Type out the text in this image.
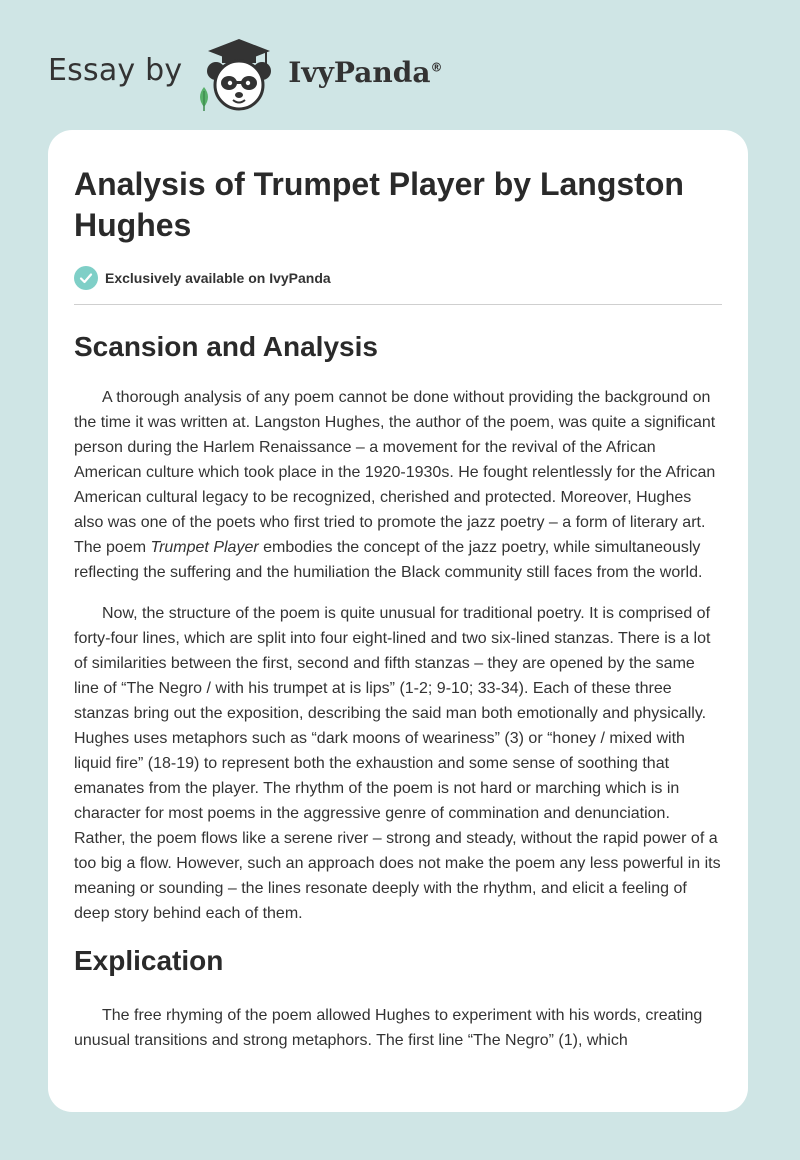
Essay by	IvyPanda®
Analysis of Trumpet Player by Langston Hughes
Exclusively available on IvyPanda
Scansion and Analysis

A thorough analysis of any poem cannot be done without providing the background on the time it was written at. Langston Hughes, the author of the poem, was quite a significant person during the Harlem Renaissance – a movement for the revival of the African American culture which took place in the 1920-1930s. He fought relentlessly for the African American cultural legacy to be recognized, cherished and protected. Moreover, Hughes also was one of the poets who first tried to promote the jazz poetry – a form of literary art. The poem Trumpet Player embodies the concept of the jazz poetry, while simultaneously reflecting the suffering and the humiliation the Black community still faces from the world.

Now, the structure of the poem is quite unusual for traditional poetry. It is comprised of forty-four lines, which are split into four eight-lined and two six-lined stanzas. There is a lot of similarities between the first, second and fifth stanzas – they are opened by the same line of “The Negro / with his trumpet at is lips” (1-2; 9-10; 33-34). Each of these three stanzas bring out the exposition, describing the said man both emotionally and physically. Hughes uses metaphors such as “dark moons of weariness” (3) or “honey / mixed with liquid fire” (18-19) to represent both the exhaustion and some sense of soothing that emanates from the player. The rhythm of the poem is not hard or marching which is in character for most poems in the aggressive genre of commination and denunciation. Rather, the poem flows like a serene river – strong and steady, without the rapid power of a too big a flow. However, such an approach does not make the poem any less powerful in its meaning or sounding – the lines resonate deeply with the rhythm, and elicit a feeling of deep story behind each of them.

Explication

The free rhyming of the poem allowed Hughes to experiment with his words, creating unusual transitions and strong metaphors. The first line “The Negro” (1), which
